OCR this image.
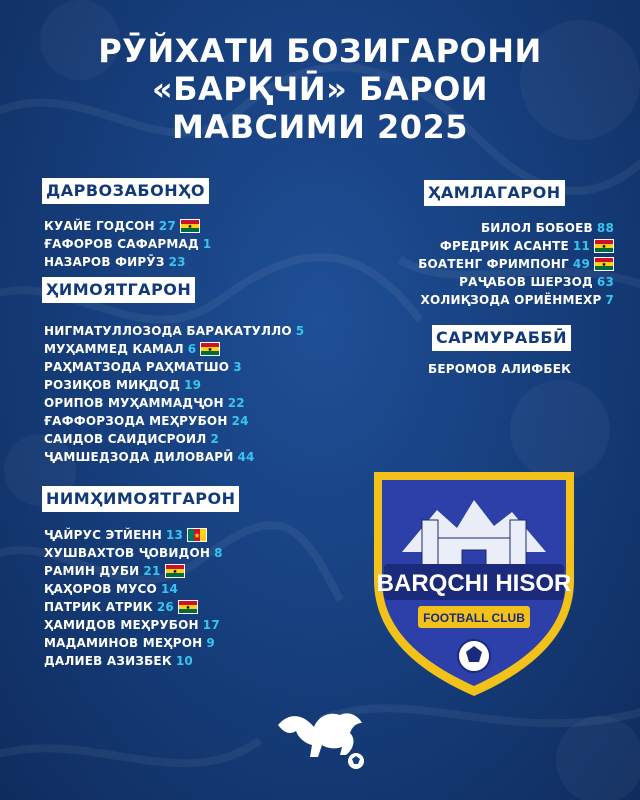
РӮЙХАТИ БОЗИГАРОНИ
«БАРҚЧӢ» БАРОИ
МАВСИМИ 2025
ДАРВОЗАБОНҲО
КУАЙЕ ГОДСОН 27
ҒАФОРОВ САФАРМАД 1
НАЗАРОВ ФИРӮЗ 23
ҲИМОЯТГАРОН
НИГМАТУЛЛОЗОДА БАРАКАТУЛЛО 5
МУҲАММЕД КАМАЛ 6
РАҲМАТЗОДА РАҲМАТШО 3
РОЗИҚОВ МИҚДОД 19
ОРИПОВ МУҲАММАДҶОН 22
ҒАФФОРЗОДА МЕҲРУБОН 24
САИДОВ САИДИСРОИЛ 2
ҶАМШЕДЗОДА ДИЛОВАРӢ 44
НИМҲИМОЯТГАРОН
ҶАЙРУС ЭТЙЕНН 13
ХУШВАХТОВ ҶОВИДОН 8
РАМИН ДУБИ 21
ҚАҲОРОВ МУСО 14
ПАТРИК АТРИК 26
ҲАМИДОВ МЕҲРУБОН 17
МАДАМИНОВ МЕҲРОН 9
ДАЛИЕВ АЗИЗБЕК 10
ҲАМЛАГАРОН
БИЛОЛ БОБОЕВ 88
ФРЕДРИК АСАНТЕ 11
БОАТЕНГ ФРИМПОНГ 49
РАҶАБОВ ШЕРЗОД 63
ХОЛИҚЗОДА ОРИЁНМЕХР 7
САРМУРАББӢ
БЕРОМОВ АЛИФБЕК
BARQCHI HISOR
FOOTBALL CLUB
